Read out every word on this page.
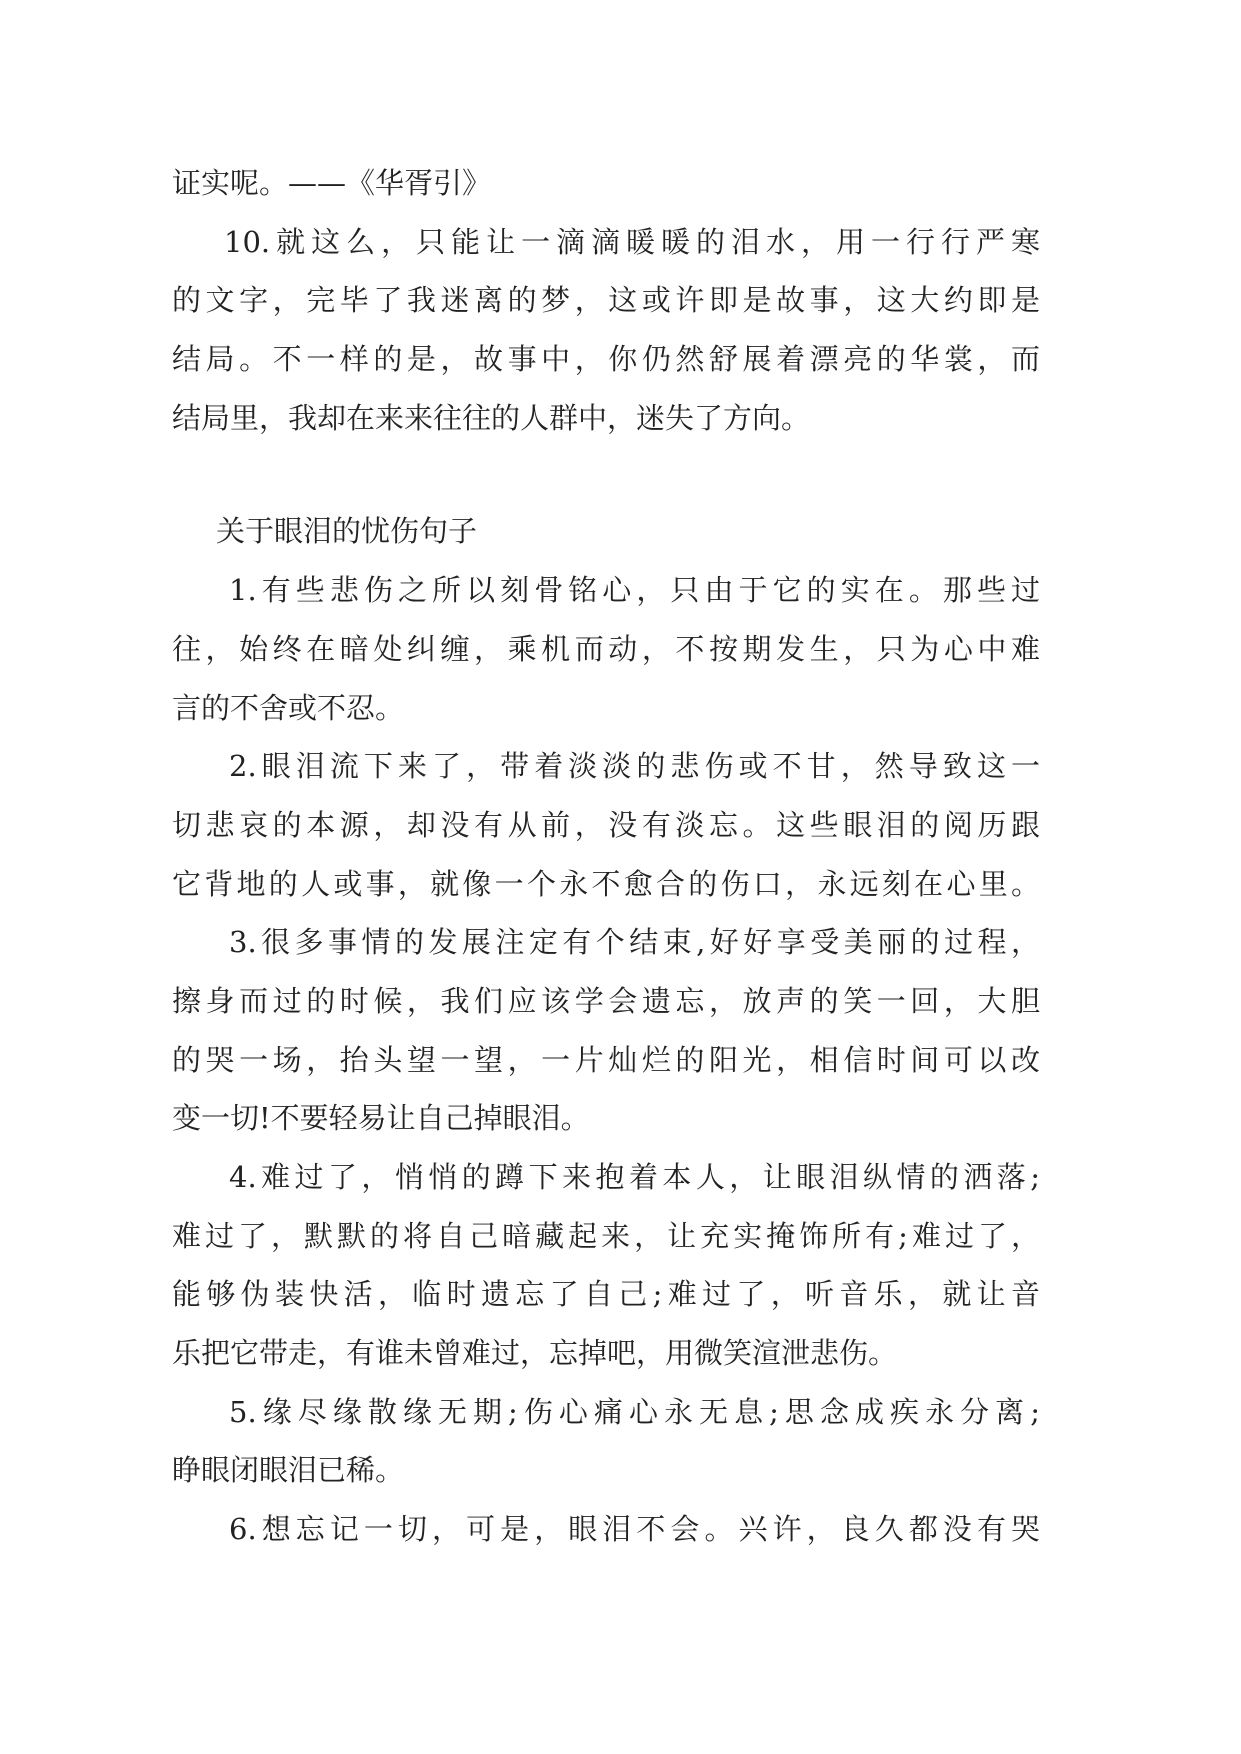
证实呢。——《华胥引》
10.就这么，只能让一滴滴暖暖的泪水，用一行行严寒
的文字，完毕了我迷离的梦，这或许即是故事，这大约即是
结局。不一样的是，故事中，你仍然舒展着漂亮的华裳，而
结局里，我却在来来往往的人群中，迷失了方向。
关于眼泪的忧伤句子
1.有些悲伤之所以刻骨铭心，只由于它的实在。那些过
往，始终在暗处纠缠，乘机而动，不按期发生，只为心中难
言的不舍或不忍。
2.眼泪流下来了，带着淡淡的悲伤或不甘，然导致这一
切悲哀的本源，却没有从前，没有淡忘。这些眼泪的阅历跟
它背地的人或事，就像一个永不愈合的伤口，永远刻在心里。
3.很多事情的发展注定有个结束,好好享受美丽的过程，
擦身而过的时候，我们应该学会遗忘，放声的笑一回，大胆
的哭一场，抬头望一望，一片灿烂的阳光，相信时间可以改
变一切!不要轻易让自己掉眼泪。
4.难过了，悄悄的蹲下来抱着本人，让眼泪纵情的洒落;
难过了，默默的将自己暗藏起来，让充实掩饰所有;难过了，
能够伪装快活，临时遗忘了自己;难过了，听音乐，就让音
乐把它带走，有谁未曾难过，忘掉吧，用微笑渲泄悲伤。
5.缘尽缘散缘无期;伤心痛心永无息;思念成疾永分离;
睁眼闭眼泪已稀。
6.想忘记一切，可是，眼泪不会。兴许，良久都没有哭
